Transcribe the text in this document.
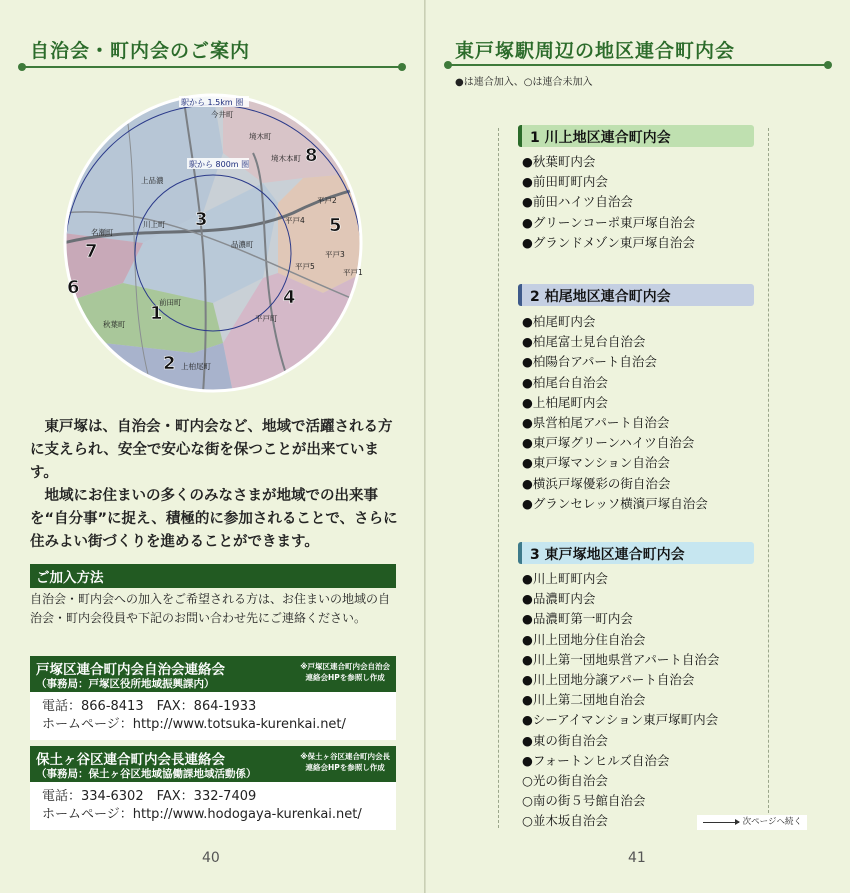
自治会・町内会のご案内
駅から 1.5km 圏
駅から 800m 圏
今井町
境木町
境木本町
上品濃
川上町
名瀬町
品濃町
平戸2
平戸4
平戸3
平戸5
平戸1
前田町
秋葉町
平戸町
上柏尾町
1
2
3
4
5
6
7
8

東戸塚は、自治会・町内会など、地域で活躍される方に支えられ、安全で安心な街を保つことが出来ています。

地域にお住まいの多くのみなさまが地域での出来事を“自分事”に捉え、積極的に参加されることで、さらに住みよい街づくりを進めることができます。

ご加入方法
自治会・町内会への加入をご希望される方は、お住まいの地域の自治会・町内会役員や下記のお問い合わせ先にご連絡ください。
戸塚区連合町内会自治会連絡会
（事務局：戸塚区役所地域振興課内）
※戸塚区連合町内会自治会
連絡会HPを参照し作成
電話：866-8413　FAX：864-1933
ホームページ：http://www.totsuka-kurenkai.net/
保土ヶ谷区連合町内会長連絡会
（事務局：保土ヶ谷区地域協働課地域活動係）
※保土ヶ谷区連合町内会長
連絡会HPを参照し作成
電話：334-6302　FAX：332-7409
ホームページ：http://www.hodogaya-kurenkai.net/
40
東戸塚駅周辺の地区連合町内会
●は連合加入、○は連合未加入
1 川上地区連合町内会
●秋葉町内会
●前田町町内会
●前田ハイツ自治会
●グリーンコーポ東戸塚自治会
●グランドメゾン東戸塚自治会
2 柏尾地区連合町内会
●柏尾町内会
●柏尾富士見台自治会
●柏陽台アパート自治会
●柏尾台自治会
●上柏尾町内会
●県営柏尾アパート自治会
●東戸塚グリーンハイツ自治会
●東戸塚マンション自治会
●横浜戸塚優彩の街自治会
●グランセレッソ横濱戸塚自治会
3 東戸塚地区連合町内会
●川上町町内会
●品濃町内会
●品濃町第一町内会
●川上団地分住自治会
●川上第一団地県営アパート自治会
●川上団地分譲アパート自治会
●川上第二団地自治会
●シーアイマンション東戸塚町内会
●東の街自治会
●フォートンヒルズ自治会
○光の街自治会
○南の街５号館自治会
○並木坂自治会	次ページへ続く
41
